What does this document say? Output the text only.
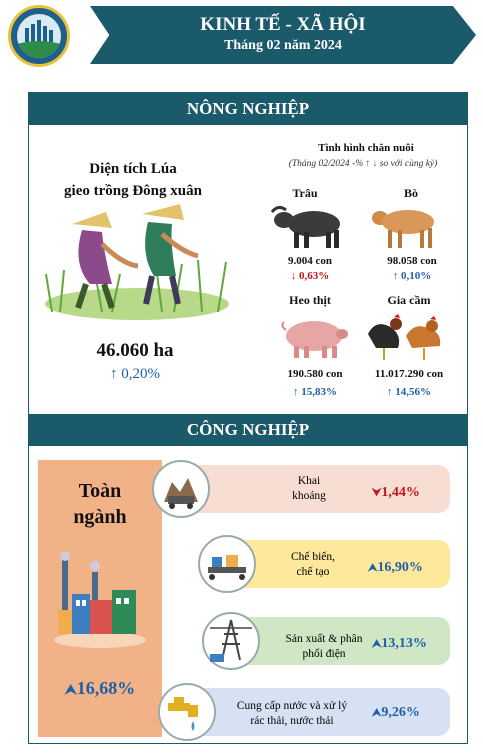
KINH TẾ - XÃ HỘI
Tháng 02 năm 2024
NÔNG NGHIỆP
Diện tích Lúa
gieo trồng Đông xuân
46.060 ha
↑ 0,20%
Tình hình chăn nuôi
(Tháng 02/2024 -% ↑ ↓ so với cùng kỳ)
Trâu
9.004 con
↓ 0,63%
Bò
98.058 con
↑ 0,10%
Heo thịt
190.580 con
↑ 15,83%
Gia cầm
11.017.290 con
↑ 14,56%
CÔNG NGHIỆP
Toàn
ngành
⮝16,68%
Khai
khoáng	⮟1,44%
Chế biến,
chế tạo	⮝16,90%
Sản xuất & phân
phối điện
⮝13,13%
Cung cấp nước và xử lý
rác thải, nước thải
⮝9,26%
